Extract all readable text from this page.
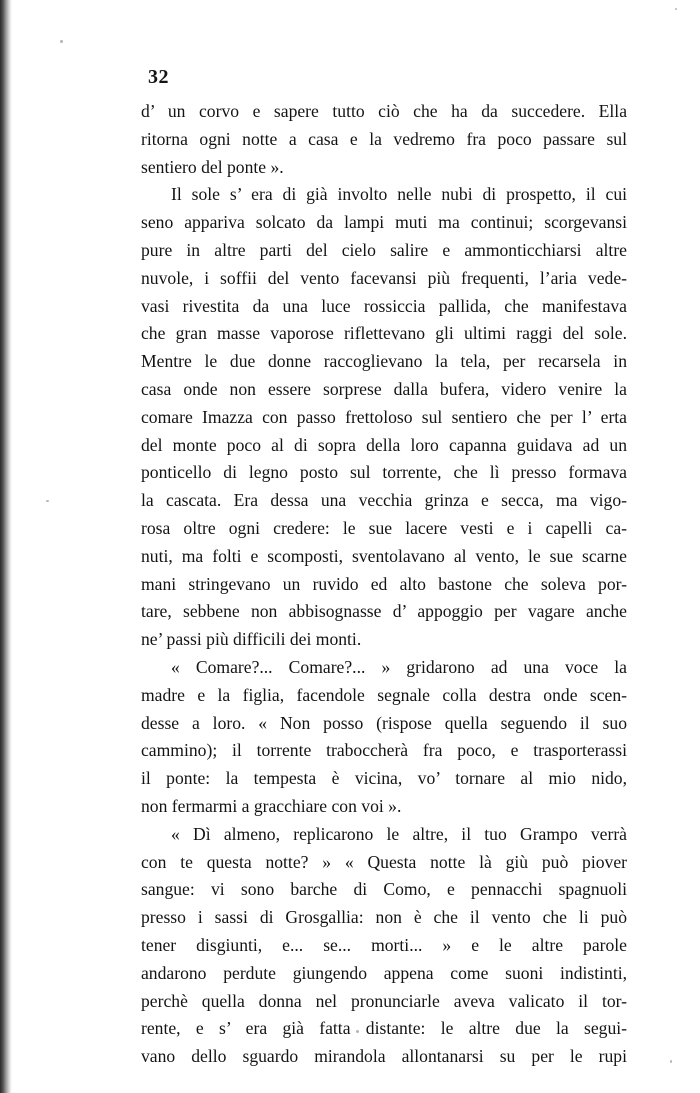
32
d’ un corvo e sapere tutto ciò che ha da succedere. Ella
ritorna ogni notte a casa e la vedremo fra poco passare sul
sentiero del ponte ».
Il sole s’ era di già involto nelle nubi di prospetto, il cui
seno appariva solcato da lampi muti ma continui; scorgevansi
pure in altre parti del cielo salire e ammonticchiarsi altre
nuvole, i soffii del vento facevansi più frequenti, l’aria vede-
vasi rivestita da una luce rossiccia pallida, che manifestava
che gran masse vaporose riflettevano gli ultimi raggi del sole.
Mentre le due donne raccoglievano la tela, per recarsela in
casa onde non essere sorprese dalla bufera, videro venire la
comare Imazza con passo frettoloso sul sentiero che per l’ erta
del monte poco al di sopra della loro capanna guidava ad un
ponticello di legno posto sul torrente, che lì presso formava
la cascata. Era dessa una vecchia grinza e secca, ma vigo-
rosa oltre ogni credere: le sue lacere vesti e i capelli ca-
nuti, ma folti e scomposti, sventolavano al vento, le sue scarne
mani stringevano un ruvido ed alto bastone che soleva por-
tare, sebbene non abbisognasse d’ appoggio per vagare anche
ne’ passi più difficili dei monti.
« Comare?... Comare?... » gridarono ad una voce la
madre e la figlia, facendole segnale colla destra onde scen-
desse a loro. « Non posso (rispose quella seguendo il suo
cammino); il torrente traboccherà fra poco, e trasporterassi
il ponte: la tempesta è vicina, vo’ tornare al mio nido,
non fermarmi a gracchiare con voi ».
« Dì almeno, replicarono le altre, il tuo Grampo verrà
con te questa notte? » « Questa notte là giù può piover
sangue: vi sono barche di Como, e pennacchi spagnuoli
presso i sassi di Grosgallia: non è che il vento che li può
tener disgiunti, e... se... morti... » e le altre parole
andarono perdute giungendo appena come suoni indistinti,
perchè quella donna nel pronunciarle aveva valicato il tor-
rente, e s’ era già fatta distante: le altre due la segui-
vano dello sguardo mirandola allontanarsi su per le rupi
